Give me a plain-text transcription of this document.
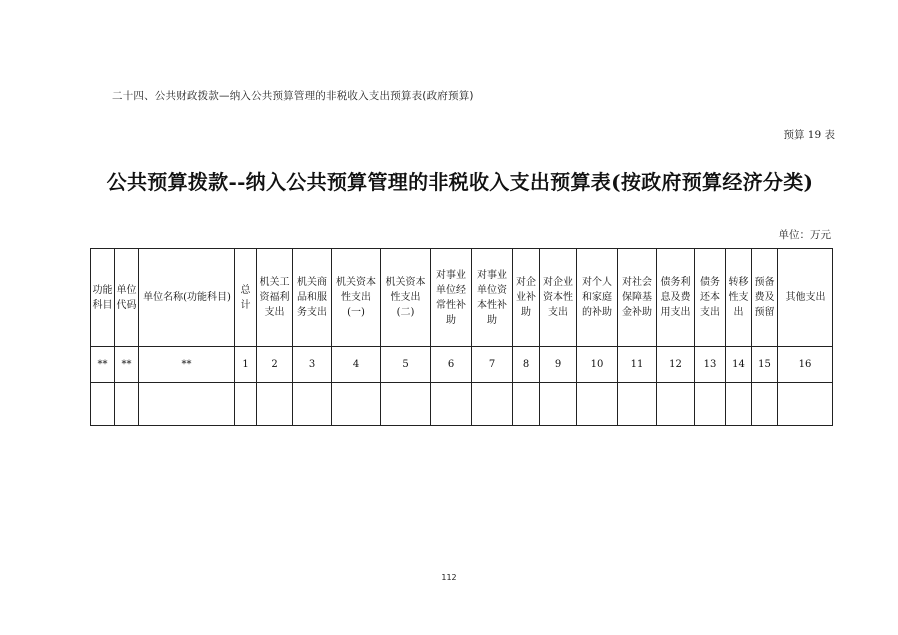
二十四、公共财政拨款—纳入公共预算管理的非税收入支出预算表(政府预算)
预算 19 表
公共预算拨款--纳入公共预算管理的非税收入支出预算表(按政府预算经济分类)
单位：万元
功能科目	单位代码	单位名称(功能科目)	总计	机关工资福利支出	机关商品和服务支出	机关资本性支出(一)	机关资本性支出(二)	对事业单位经常性补助	对事业单位资本性补助	对企业补助	对企业资本性支出	对个人和家庭的补助	对社会保障基金补助	债务利息及费用支出	债务还本支出	转移性支出	预备费及预留	其他支出
**	**	**	1	2	3	4	5	6	7	8	9	10	11	12	13	14	15	16

112
